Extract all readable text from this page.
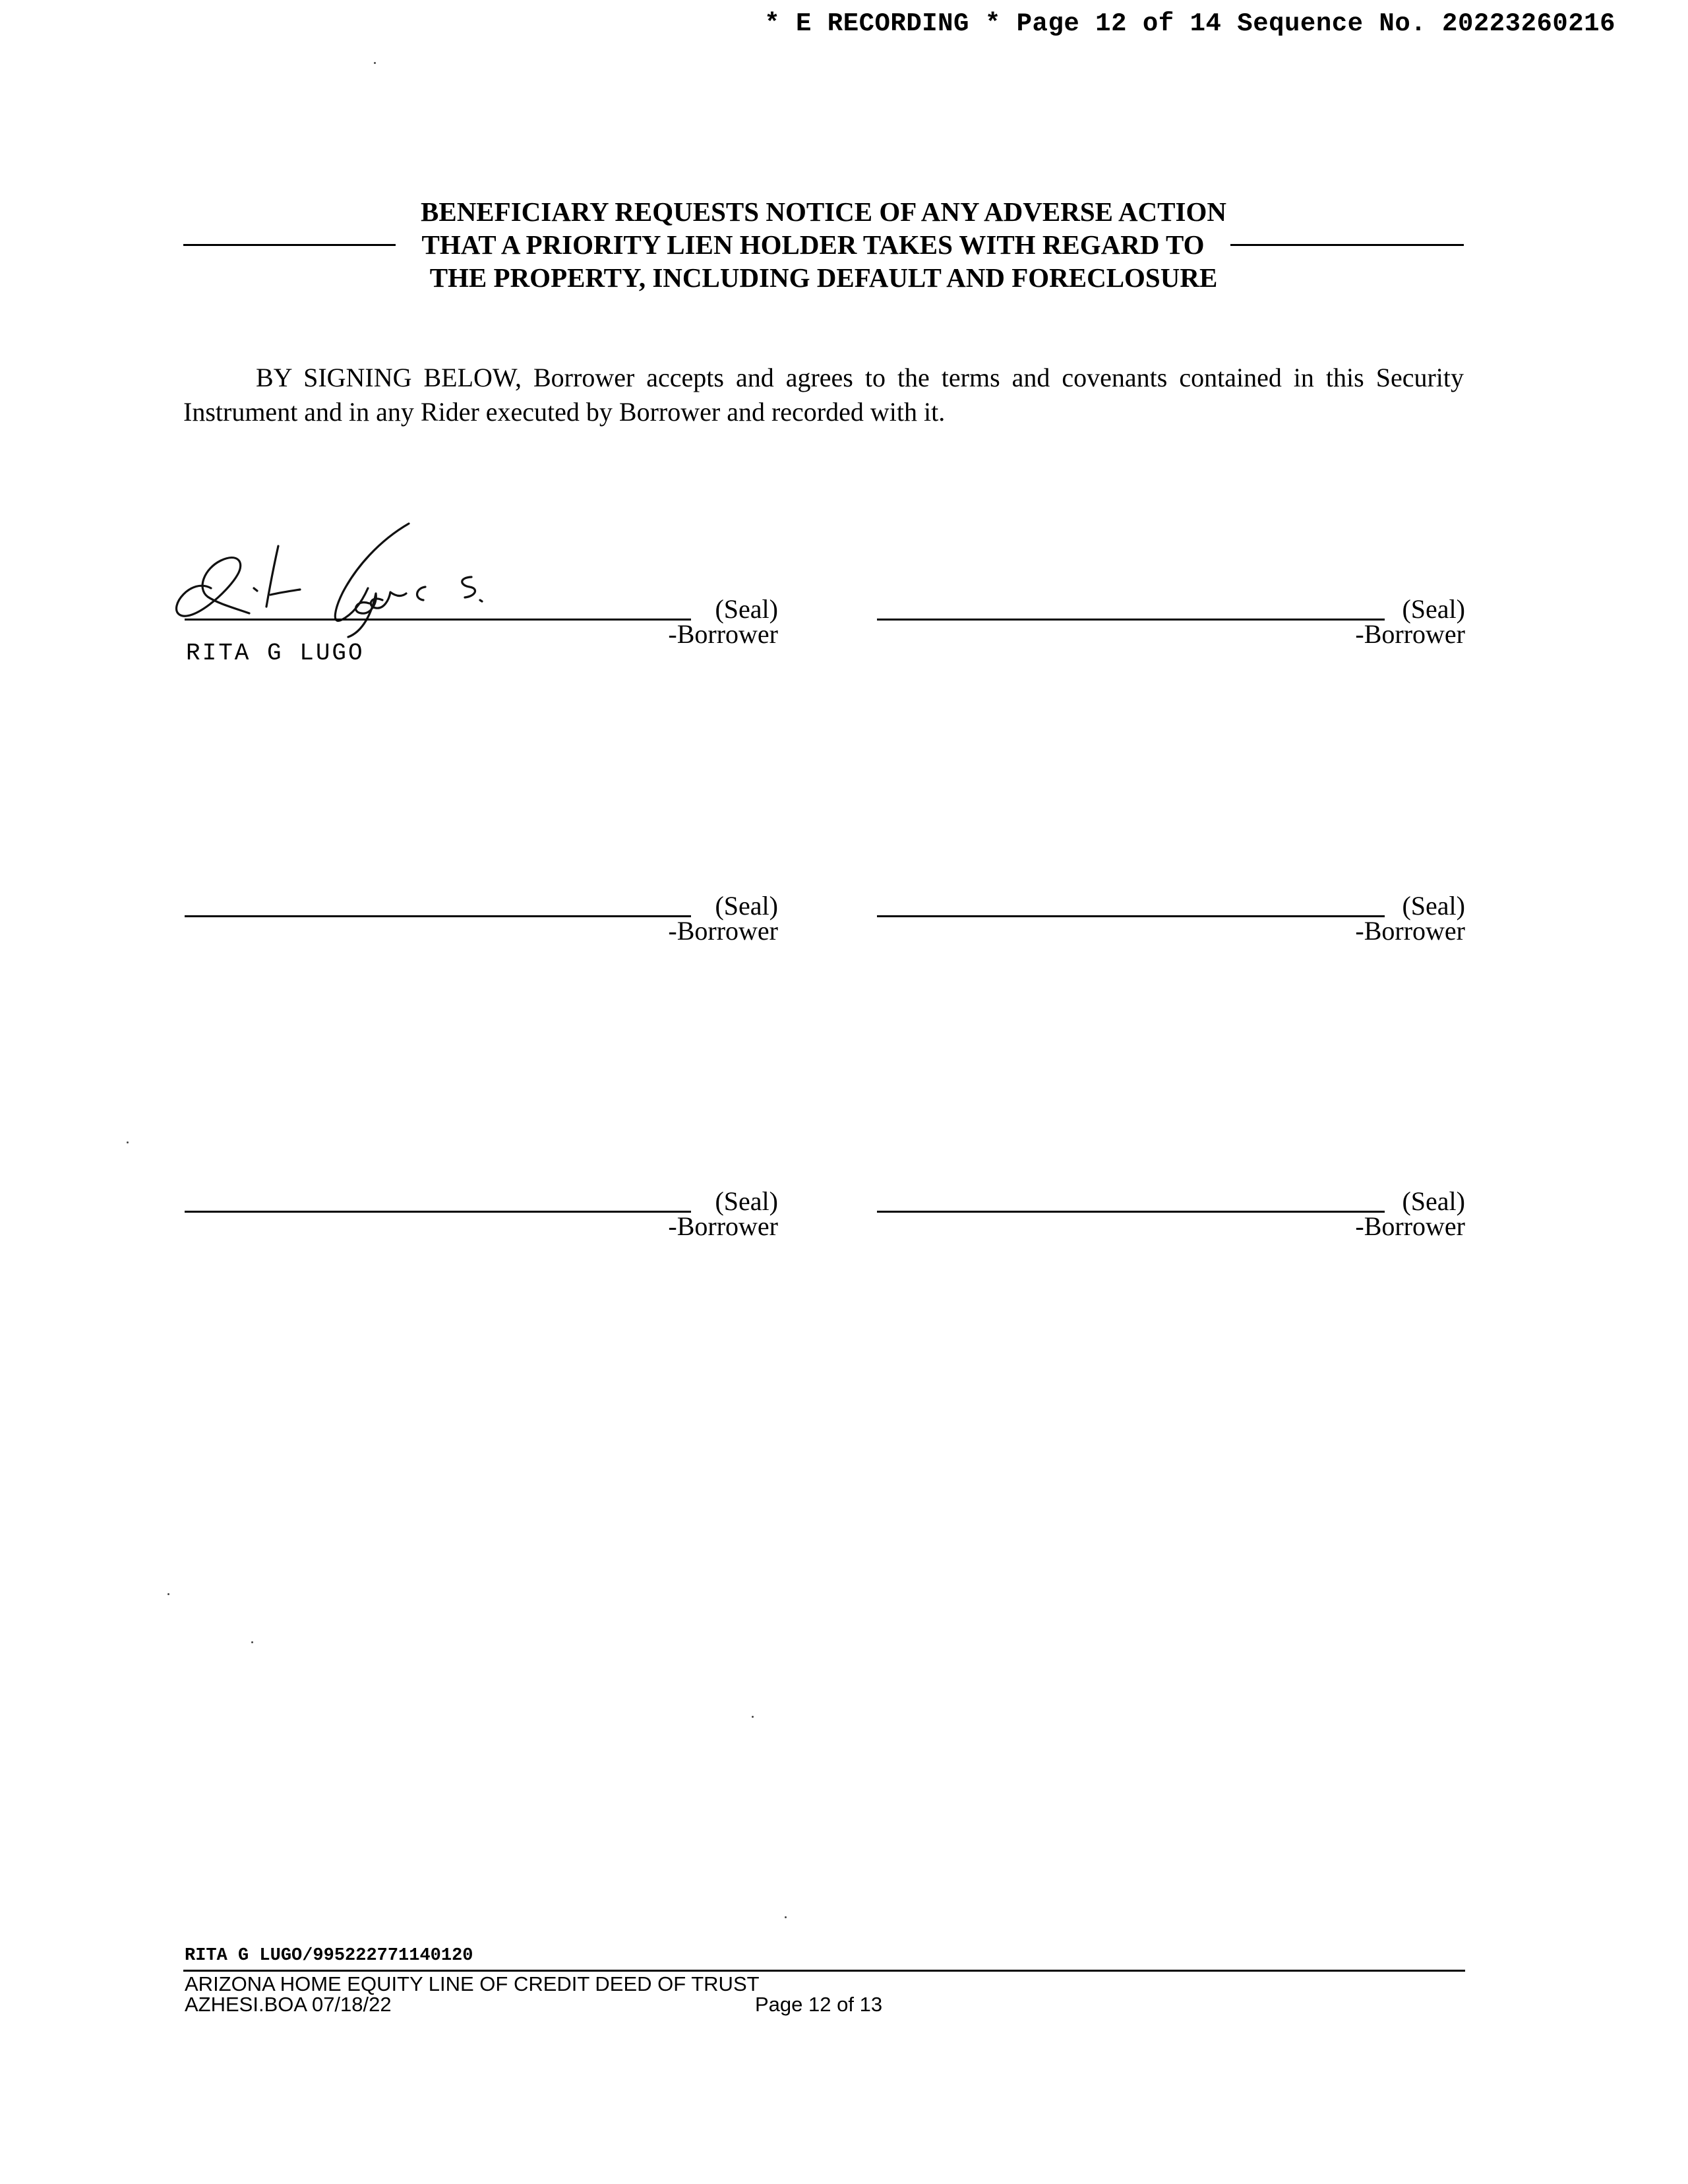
* E RECORDING * Page 12 of 14 Sequence No. 20223260216
BENEFICIARY REQUESTS NOTICE OF ANY ADVERSE ACTION
THAT A PRIORITY LIEN HOLDER TAKES WITH REGARD TO
THE PROPERTY, INCLUDING DEFAULT AND FORECLOSURE
BY SIGNING BELOW, Borrower accepts and agrees to the terms and covenants contained in this Security Instrument and in any Rider executed by Borrower and recorded with it.
(Seal)
-Borrower
RITA G LUGO
(Seal)
-Borrower
(Seal)
-Borrower
(Seal)
-Borrower
(Seal)
-Borrower
(Seal)
-Borrower
RITA G LUGO/995222771140120
ARIZONA HOME EQUITY LINE OF CREDIT DEED OF TRUST
AZHESI.BOA 07/18/22	Page 12 of 13
